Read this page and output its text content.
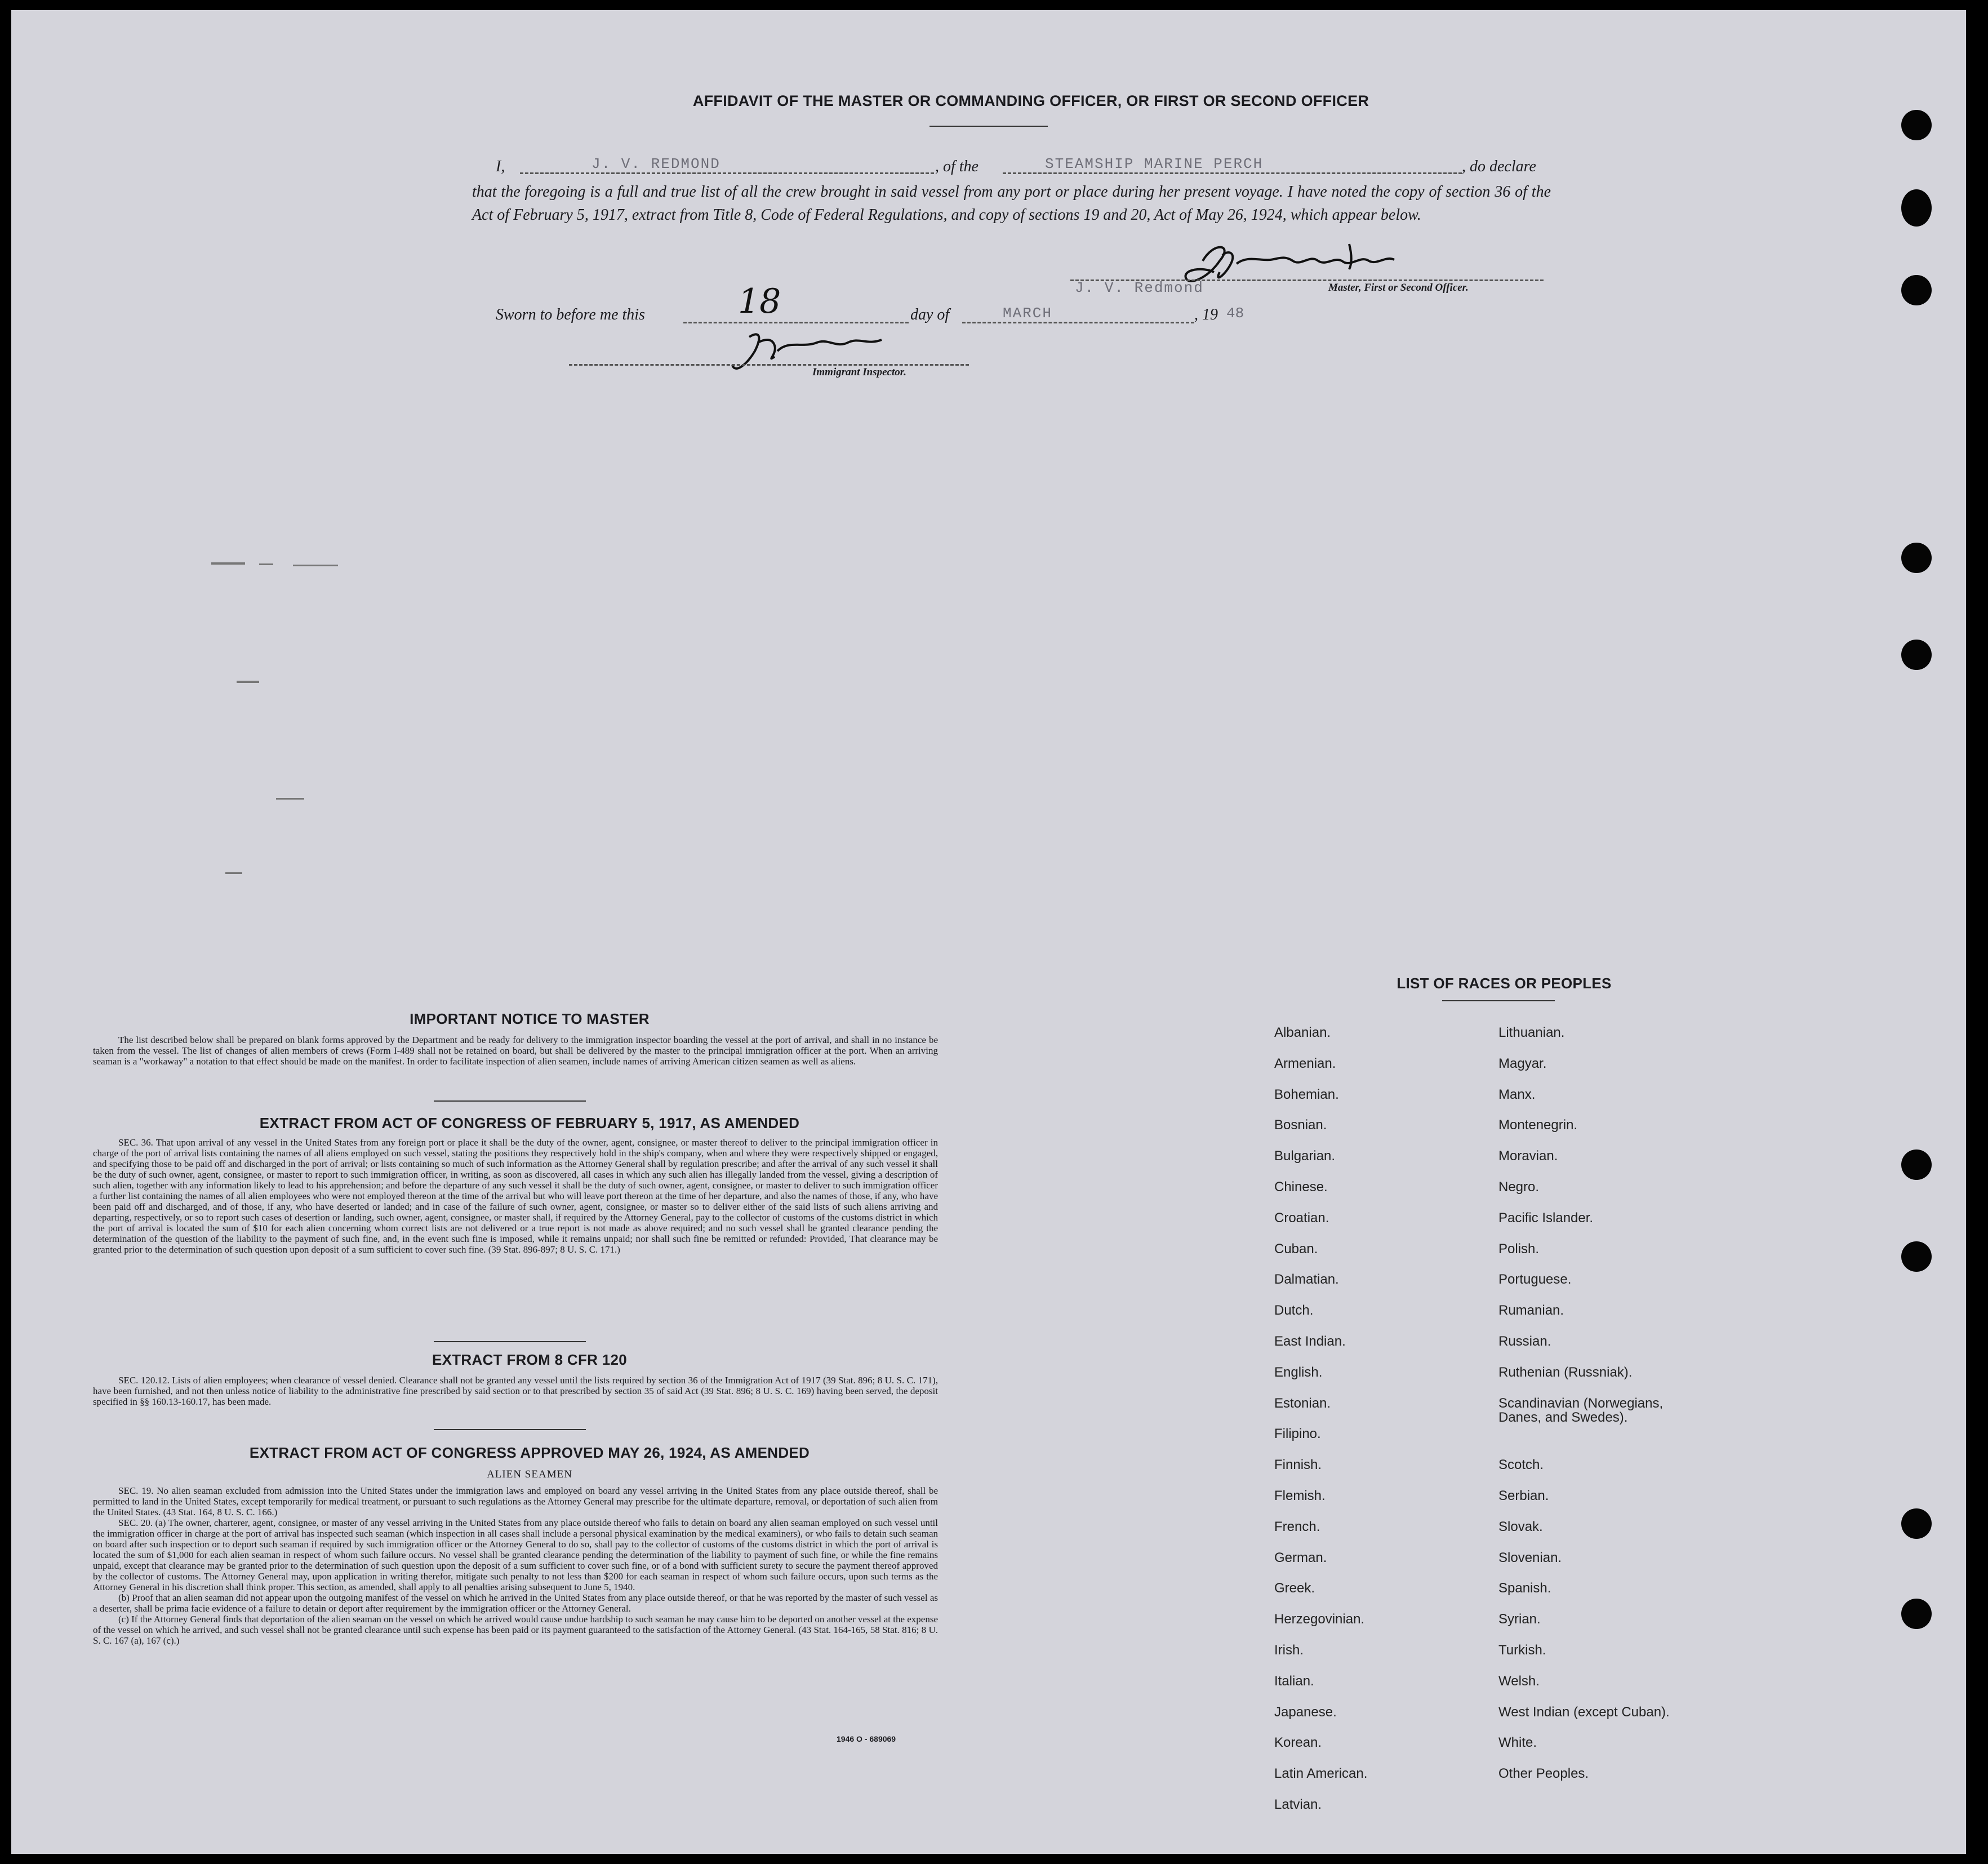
AFFIDAVIT OF THE MASTER OR COMMANDING OFFICER, OR FIRST OR SECOND OFFICER
I,	J. V. REDMOND	, of the	STEAMSHIP MARINE PERCH	, do declare
that the foregoing is a full and true list of all the crew brought in said vessel from any port or place during her present voyage. I have noted the copy of section 36 of the Act of February 5, 1917, extract from Title 8, Code of Federal Regulations, and copy of sections 19 and 20, Act of May 26, 1924, which appear below.
J. V. Redmond	Master, First or Second Officer.
Sworn to before me this	18	day of	MARCH	, 19 48
Immigrant Inspector.
IMPORTANT NOTICE TO MASTER
The list described below shall be prepared on blank forms approved by the Department and be ready for delivery to the immigration inspector boarding the vessel at the port of arrival, and shall in no instance be taken from the vessel. The list of changes of alien members of crews (Form I-489 shall not be retained on board, but shall be delivered by the master to the principal immigration officer at the port. When an arriving seaman is a "workaway" a notation to that effect should be made on the manifest. In order to facilitate inspection of alien seamen, include names of arriving American citizen seamen as well as aliens.
EXTRACT FROM ACT OF CONGRESS OF FEBRUARY 5, 1917, AS AMENDED
SEC. 36. That upon arrival of any vessel in the United States from any foreign port or place it shall be the duty of the owner, agent, consignee, or master thereof to deliver to the principal immigration officer in charge of the port of arrival lists containing the names of all aliens employed on such vessel, stating the positions they respectively hold in the ship's company, when and where they were respectively shipped or engaged, and specifying those to be paid off and discharged in the port of arrival; or lists containing so much of such information as the Attorney General shall by regulation prescribe; and after the arrival of any such vessel it shall be the duty of such owner, agent, consignee, or master to report to such immigration officer, in writing, as soon as discovered, all cases in which any such alien has illegally landed from the vessel, giving a description of such alien, together with any information likely to lead to his apprehension; and before the departure of any such vessel it shall be the duty of such owner, agent, consignee, or master to deliver to such immigration officer a further list containing the names of all alien employees who were not employed thereon at the time of the arrival but who will leave port thereon at the time of her departure, and also the names of those, if any, who have been paid off and discharged, and of those, if any, who have deserted or landed; and in case of the failure of such owner, agent, consignee, or master so to deliver either of the said lists of such aliens arriving and departing, respectively, or so to report such cases of desertion or landing, such owner, agent, consignee, or master shall, if required by the Attorney General, pay to the collector of customs of the customs district in which the port of arrival is located the sum of $10 for each alien concerning whom correct lists are not delivered or a true report is not made as above required; and no such vessel shall be granted clearance pending the determination of the question of the liability to the payment of such fine, and, in the event such fine is imposed, while it remains unpaid; nor shall such fine be remitted or refunded: Provided, That clearance may be granted prior to the determination of such question upon deposit of a sum sufficient to cover such fine. (39 Stat. 896-897; 8 U. S. C. 171.)
EXTRACT FROM 8 CFR 120
SEC. 120.12. Lists of alien employees; when clearance of vessel denied. Clearance shall not be granted any vessel until the lists required by section 36 of the Immigration Act of 1917 (39 Stat. 896; 8 U. S. C. 171), have been furnished, and not then unless notice of liability to the administrative fine prescribed by said section or to that prescribed by section 35 of said Act (39 Stat. 896; 8 U. S. C. 169) having been served, the deposit specified in §§ 160.13-160.17, has been made.
EXTRACT FROM ACT OF CONGRESS APPROVED MAY 26, 1924, AS AMENDED
ALIEN SEAMEN
SEC. 19. No alien seaman excluded from admission into the United States under the immigration laws and employed on board any vessel arriving in the United States from any place outside thereof, shall be permitted to land in the United States, except temporarily for medical treatment, or pursuant to such regulations as the Attorney General may prescribe for the ultimate departure, removal, or deportation of such alien from the United States. (43 Stat. 164, 8 U. S. C. 166.)
SEC. 20. (a) The owner, charterer, agent, consignee, or master of any vessel arriving in the United States from any place outside thereof who fails to detain on board any alien seaman employed on such vessel until the immigration officer in charge at the port of arrival has inspected such seaman (which inspection in all cases shall include a personal physical examination by the medical examiners), or who fails to detain such seaman on board after such inspection or to deport such seaman if required by such immigration officer or the Attorney General to do so, shall pay to the collector of customs of the customs district in which the port of arrival is located the sum of $1,000 for each alien seaman in respect of whom such failure occurs. No vessel shall be granted clearance pending the determination of the liability to payment of such fine, or while the fine remains unpaid, except that clearance may be granted prior to the determination of such question upon the deposit of a sum sufficient to cover such fine, or of a bond with sufficient surety to secure the payment thereof approved by the collector of customs. The Attorney General may, upon application in writing therefor, mitigate such penalty to not less than $200 for each seaman in respect of whom such failure occurs, upon such terms as the Attorney General in his discretion shall think proper. This section, as amended, shall apply to all penalties arising subsequent to June 5, 1940.
(b) Proof that an alien seaman did not appear upon the outgoing manifest of the vessel on which he arrived in the United States from any place outside thereof, or that he was reported by the master of such vessel as a deserter, shall be prima facie evidence of a failure to detain or deport after requirement by the immigration officer or the Attorney General.
(c) If the Attorney General finds that deportation of the alien seaman on the vessel on which he arrived would cause undue hardship to such seaman he may cause him to be deported on another vessel at the expense of the vessel on which he arrived, and such vessel shall not be granted clearance until such expense has been paid or its payment guaranteed to the satisfaction of the Attorney General. (43 Stat. 164-165, 58 Stat. 816; 8 U. S. C. 167 (a), 167 (c).)
1946 O - 689069
LIST OF RACES OR PEOPLES
Albanian.
Armenian.
Bohemian.
Bosnian.
Bulgarian.
Chinese.
Croatian.
Cuban.
Dalmatian.
Dutch.
East Indian.
English.
Estonian.
Filipino.
Finnish.
Flemish.
French.
German.
Greek.
Herzegovinian.
Irish.
Italian.
Japanese.
Korean.
Latin American.
Latvian.
Lithuanian.
Magyar.
Manx.
Montenegrin.
Moravian.
Negro.
Pacific Islander.
Polish.
Portuguese.
Rumanian.
Russian.
Ruthenian (Russniak).
Scandinavian (Norwegians, Danes, and Swedes).
Scotch.
Serbian.
Slovak.
Slovenian.
Spanish.
Syrian.
Turkish.
Welsh.
West Indian (except Cuban).
White.
Other Peoples.
